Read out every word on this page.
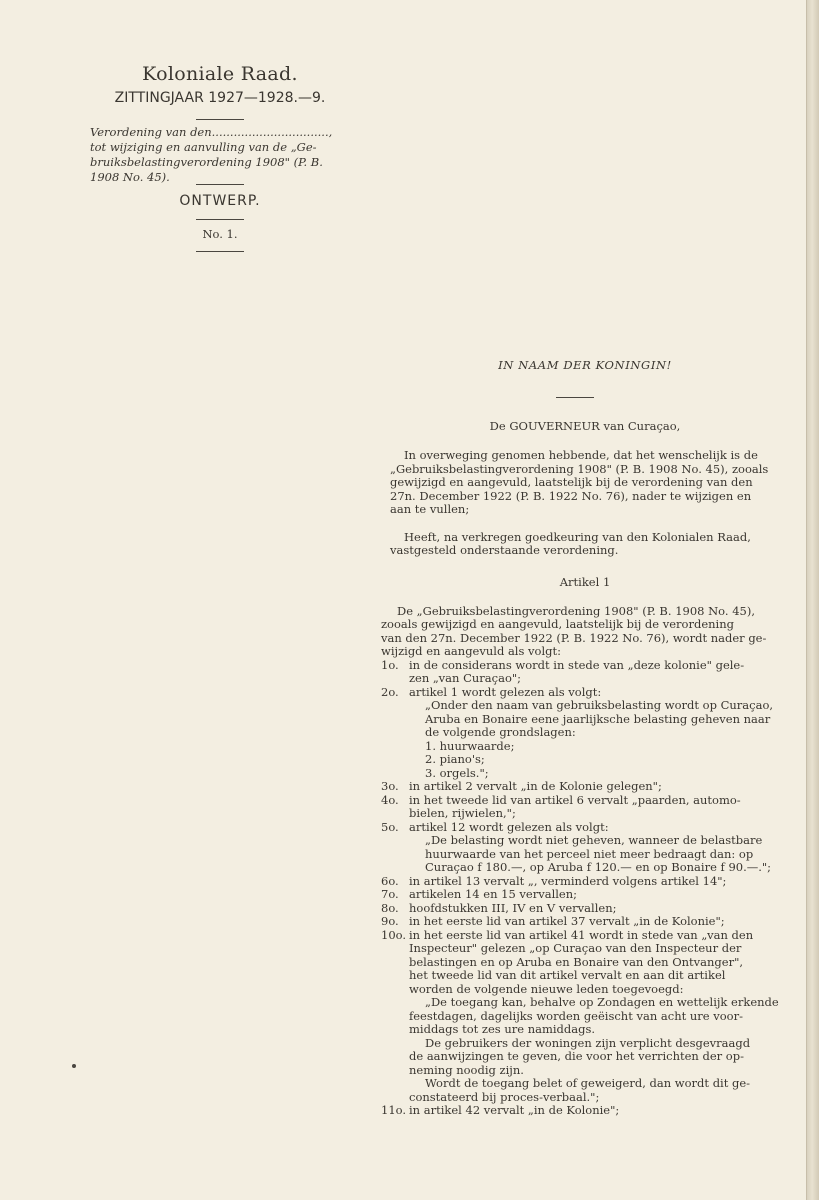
Koloniale Raad.
ZITTINGJAAR 1927—1928.—9.
Verordening van den................................,
tot wijziging en aanvulling van de „Ge-
bruiksbelastingverordening 1908" (P. B.
1908 No. 45).
ONTWERP.
No. 1.
IN NAAM DER KONINGIN!
De GOUVERNEUR van Curaçao,
In overweging genomen hebbende, dat het wenschelijk is de
„Gebruiksbelastingverordening 1908" (P. B. 1908 No. 45), zooals
gewijzigd en aangevuld, laatstelijk bij de verordening van den
27n. December 1922 (P. B. 1922 No. 76), nader te wijzigen en
aan te vullen;
Heeft, na verkregen goedkeuring van den Kolonialen Raad,
vastgesteld onderstaande verordening.
Artikel 1
De „Gebruiksbelastingverordening 1908" (P. B. 1908 No. 45),
zooals gewijzigd en aangevuld, laatstelijk bij de verordening
van den 27n. December 1922 (P. B. 1922 No. 76), wordt nader ge-
wijzigd en aangevuld als volgt:
1o. in de considerans wordt in stede van „deze kolonie" gele-
zen „van Curaçao";
2o. artikel 1 wordt gelezen als volgt:
„Onder den naam van gebruiksbelasting wordt op Curaçao,
Aruba en Bonaire eene jaarlijksche belasting geheven naar
de volgende grondslagen:
1. huurwaarde;
2. piano's;
3. orgels.";
3o. in artikel 2 vervalt „in de Kolonie gelegen";
4o. in het tweede lid van artikel 6 vervalt „paarden, automo-
bielen, rijwielen,";
5o. artikel 12 wordt gelezen als volgt:
„De belasting wordt niet geheven, wanneer de belastbare
huurwaarde van het perceel niet meer bedraagt dan: op
Curaçao f 180.—, op Aruba f 120.— en op Bonaire f 90.—.";
6o. in artikel 13 vervalt „, verminderd volgens artikel 14";
7o. artikelen 14 en 15 vervallen;
8o. hoofdstukken III, IV en V vervallen;
9o. in het eerste lid van artikel 37 vervalt „in de Kolonie";
10o. in het eerste lid van artikel 41 wordt in stede van „van den
Inspecteur" gelezen „op Curaçao van den Inspecteur der
belastingen en op Aruba en Bonaire van den Ontvanger",
het tweede lid van dit artikel vervalt en aan dit artikel
worden de volgende nieuwe leden toegevoegd:
„De toegang kan, behalve op Zondagen en wettelijk erkende
feestdagen, dagelijks worden geëischt van acht ure voor-
middags tot zes ure namiddags.
De gebruikers der woningen zijn verplicht desgevraagd
de aanwijzingen te geven, die voor het verrichten der op-
neming noodig zijn.
Wordt de toegang belet of geweigerd, dan wordt dit ge-
constateerd bij proces-verbaal.";
11o. in artikel 42 vervalt „in de Kolonie";
